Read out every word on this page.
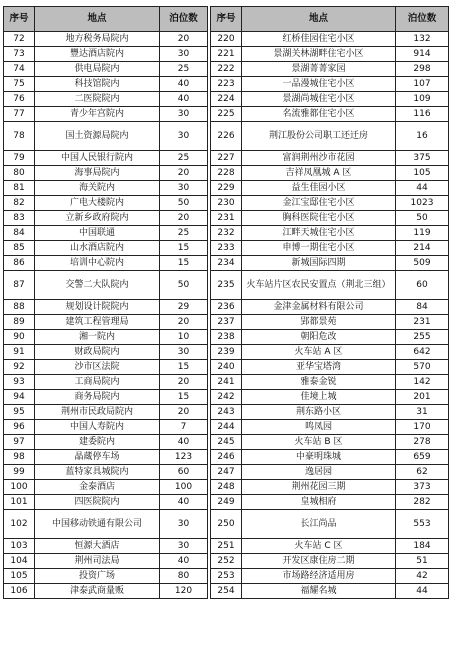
序号	地点	泊位数		序号	地点	泊位数
72	地方税务局院内	20		220	红桥佳园住宅小区	132
73	豐达酒店院内	30		221	景湖关林湖畔住宅小区	914
74	供电局院内	25		222	景湖菁菁家园	298
75	科技馆院内	40		223	一品漫城住宅小区	107
76	二医院院内	40		224	景湖尚城住宅小区	109
77	青少年宫院内	30		225	名流雅都住宅小区	116
78	国土资源局院内	30		226	荆江股份公司职工还迁房	16
79	中国人民银行院内	25		227	富润荆州沙市花园	375
80	海事局院内	20		228	吉祥凤凰城 A 区	105
81	海关院内	30		229	益生佳园小区	44
82	广电大楼院内	50		230	金江宝邸住宅小区	1023
83	立新乡政府院内	20		231	胸科医院住宅小区	50
84	中国联通	25		232	江畔天城住宅小区	119
85	山水酒店院内	15		233	申博一期住宅小区	214
86	培训中心院内	15		234	新城国际四期	509
87	交警二大队院内	50		235	火车站片区农民安置点（荆北三组）	60
88	规划设计院院内	29		236	金津金属材料有限公司	84
89	建筑工程管理局	20		237	郢都景苑	231
90	湘一院内	10		238	朝阳危改	255
91	财政局院内	30		239	火车站 A 区	642
92	沙市区法院	15		240	亚华宝塔湾	570
93	工商局院内	20		241	雅泰金锐	142
94	商务局院内	15		242	佳境上城	201
95	荆州市民政局院内	20		243	荆东路小区	31
96	中国人寿院内	7		244	鸣凤园	170
97	建委院内	40		245	火车站 B 区	278
98	晶蔵停车场	123		246	中豪明珠城	659
99	蓝特家具城院内	60		247	逸居园	62
100	金泰酒店	100		248	荆州花园三期	373
101	四医院院内	40		249	皇城相府	282
102	中国移动铁通有限公司	30		250	长江尚品	553
103	恒源大酒店	30		251	火车站 C 区	184
104	荆州司法局	40		252	开发区康住房二期	51
105	投资广场	80		253	市场路经济适用房	42
106	津泰武商量贩	120		254	福耀名城	44
